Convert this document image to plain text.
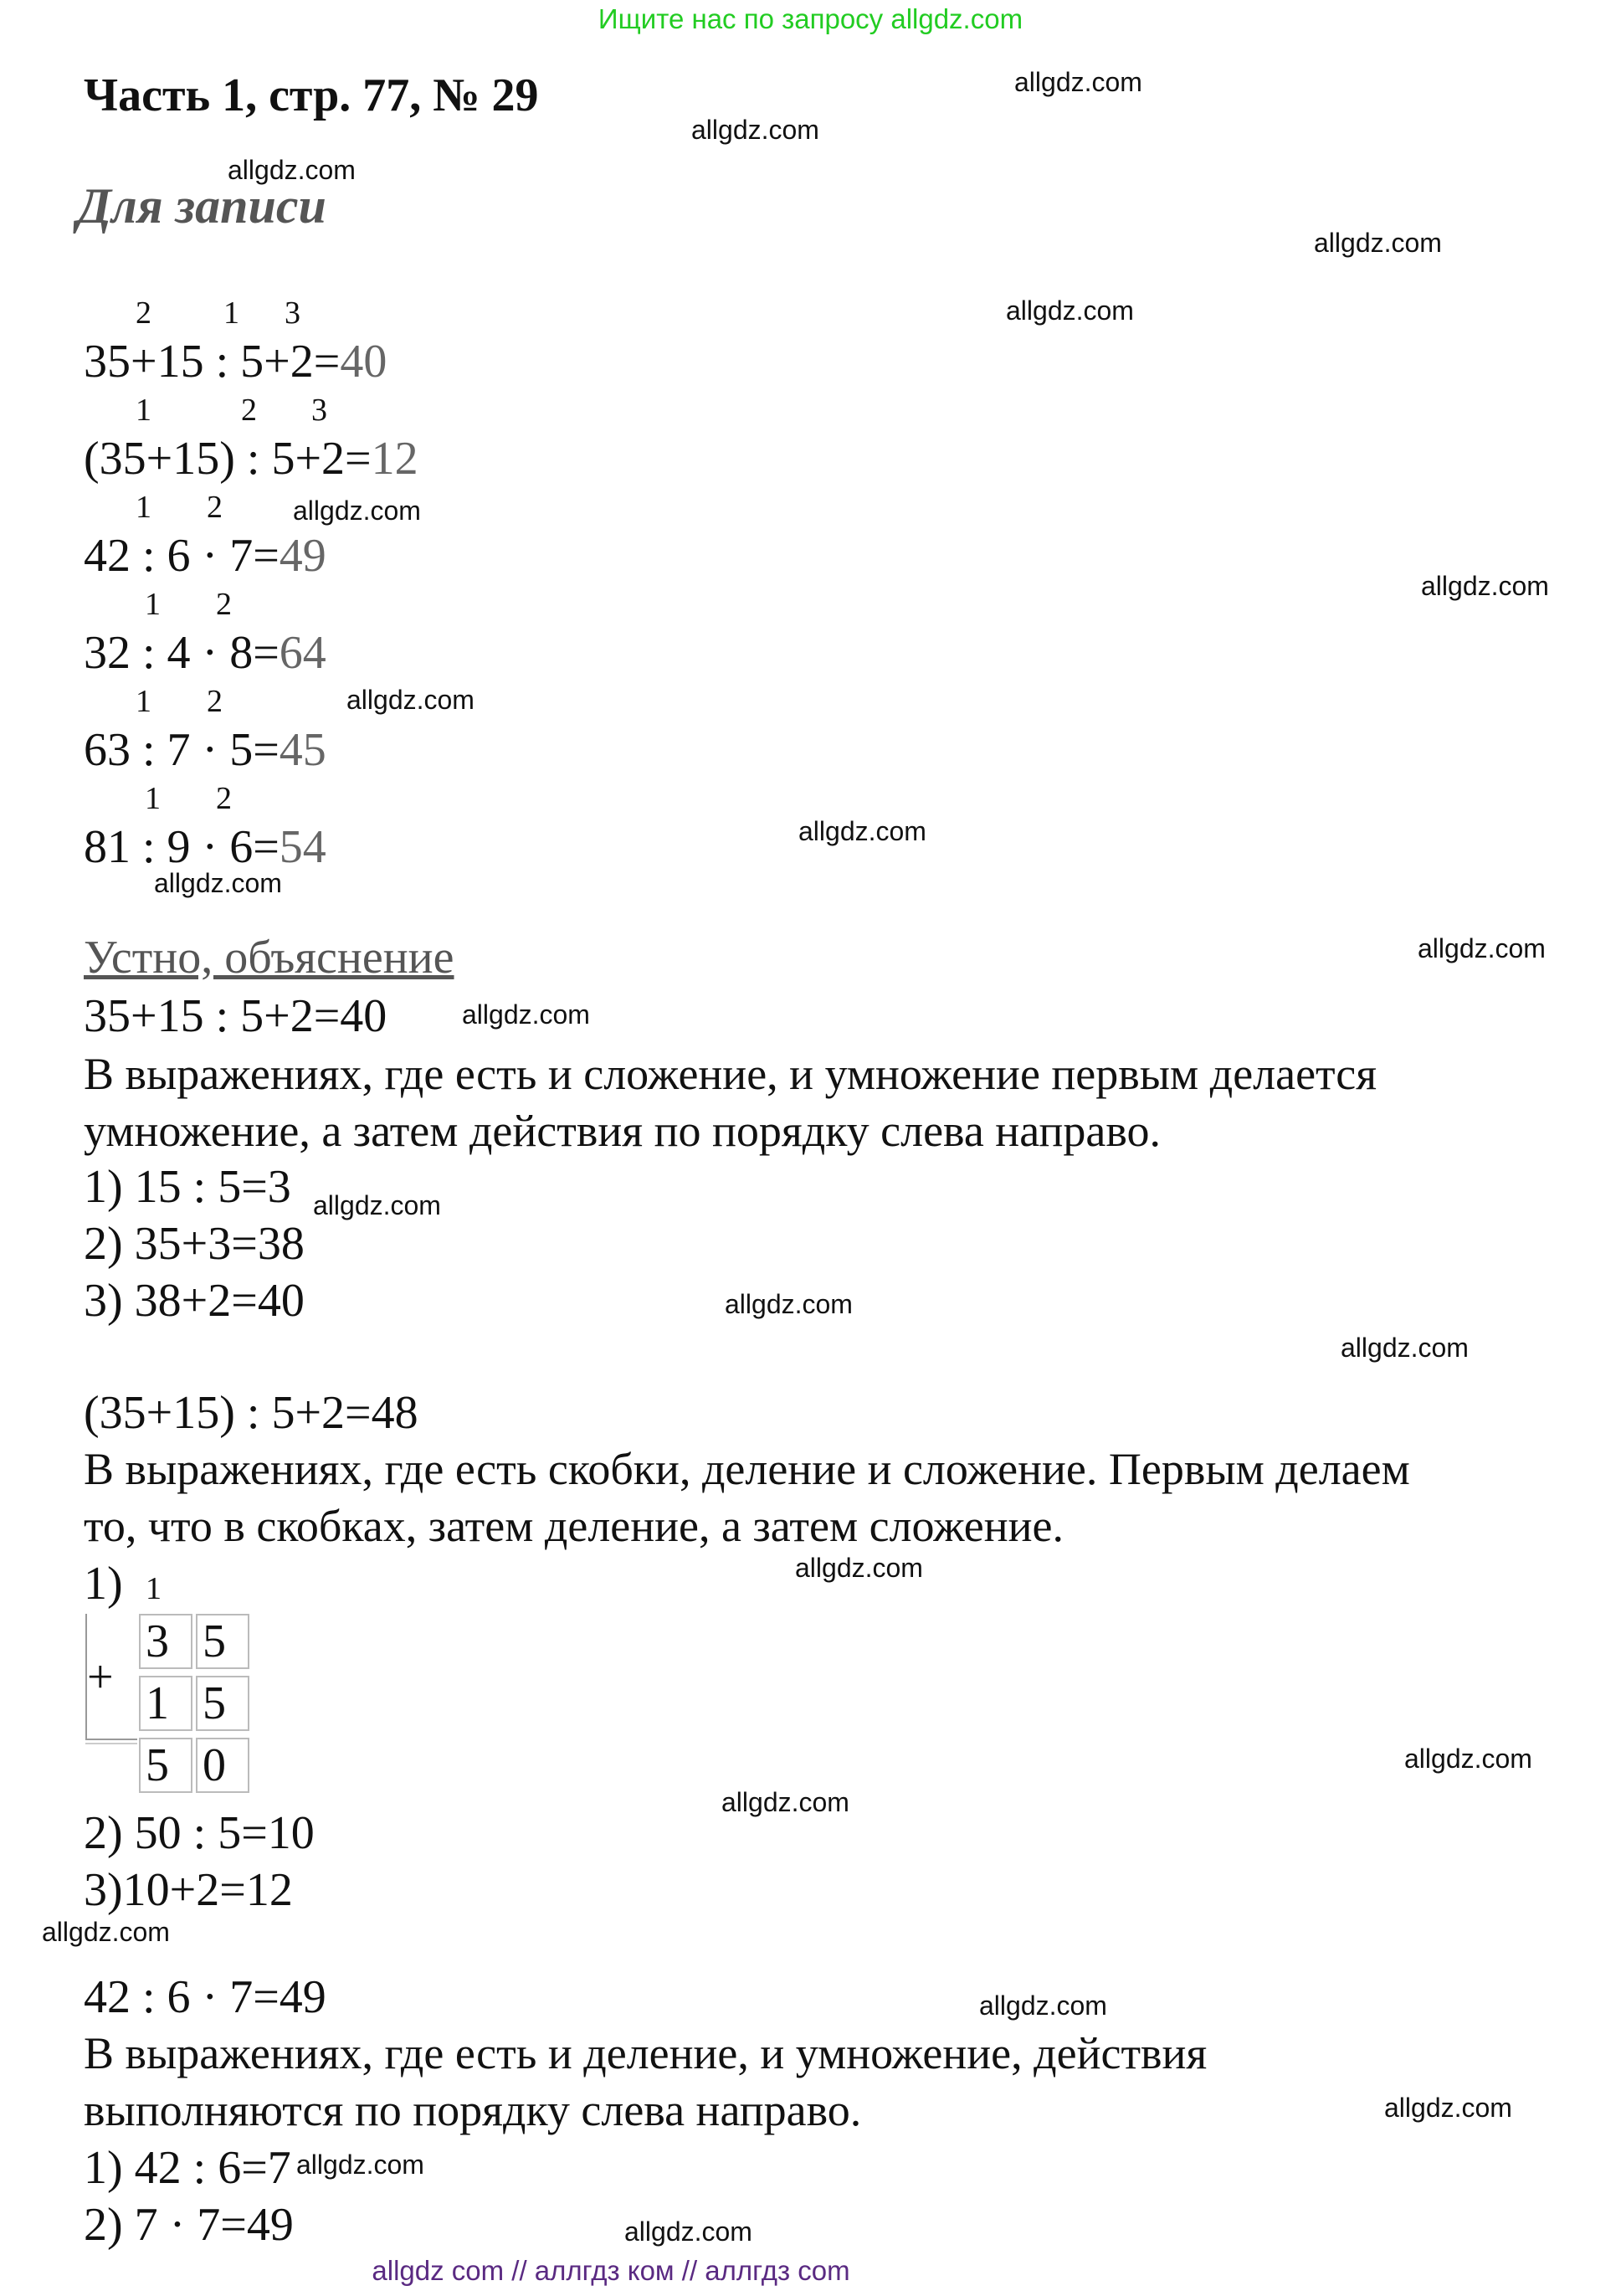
Ищите нас по запросу allgdz.com
Часть 1, стр. 77, № 29
Для записи
2 1 3
35+15 : 5+2=40
1	2 3
(35+15) : 5+2=12
1 2
42 : 6 · 7=49
1 2
32 : 4 · 8=64
1 2
63 : 7 · 5=45
1 2
81 : 9 · 6=54
Устно, объяснение
35+15 : 5+2=40
В выражениях, где есть и сложение, и умножение первым делается
умножение, а затем действия по порядку слева направо.
1) 15 : 5=3
2) 35+3=38
3) 38+2=40
(35+15) : 5+2=48
В выражениях, где есть скобки, деление и сложение. Первым делаем
то, что в скобках, затем деление, а затем сложение.
1) 1
+
3 5
1 5
5 0
2) 50 : 5=10
3)10+2=12
42 : 6 · 7=49
В выражениях, где есть и деление, и умножение, действия
выполняются по порядку слева направо.
1) 42 : 6=7
2) 7 · 7=49
allgdz.com
allgdz.com
allgdz.com
allgdz.com
allgdz.com
allgdz.com
allgdz.com
allgdz.com
allgdz.com
allgdz.com
allgdz.com
allgdz.com
allgdz.com
allgdz.com
allgdz.com
allgdz.com
allgdz.com
allgdz.com
allgdz.com
allgdz.com
allgdz.com
allgdz.com
allgdz.com
allgdz com // аллгдз ком // аллгдз com
